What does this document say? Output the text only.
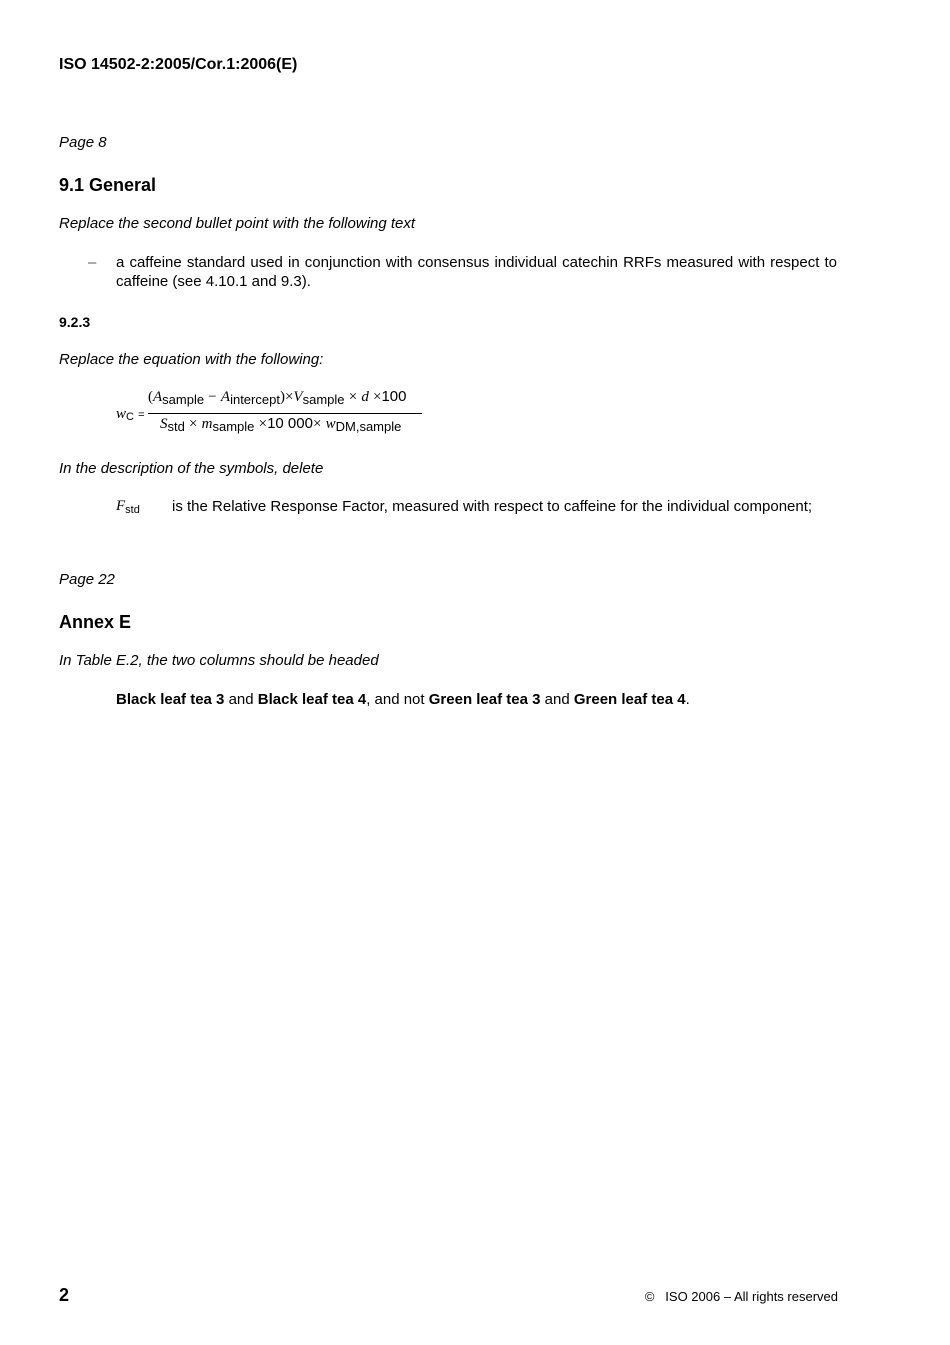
ISO 14502-2:2005/Cor.1:2006(E)
Page 8
9.1 General
Replace the second bullet point with the following text
– a caffeine standard used in conjunction with consensus individual catechin RRFs measured with respect to caffeine (see 4.10.1 and 9.3).
9.2.3
Replace the equation with the following:
wC =
(Asample − Aintercept)×Vsample × d ×100
Sstd × msample ×10 000× wDM,sample
In the description of the symbols, delete
$F_{std}$ is the Relative Response Factor, measured with respect to caffeine for the individual component;
Page 22
Annex E
In Table E.2, the two columns should be headed
Black leaf tea 3 and Black leaf tea 4, and not Green leaf tea 3 and Green leaf tea 4.
2	©   ISO 2006 – All rights reserved
